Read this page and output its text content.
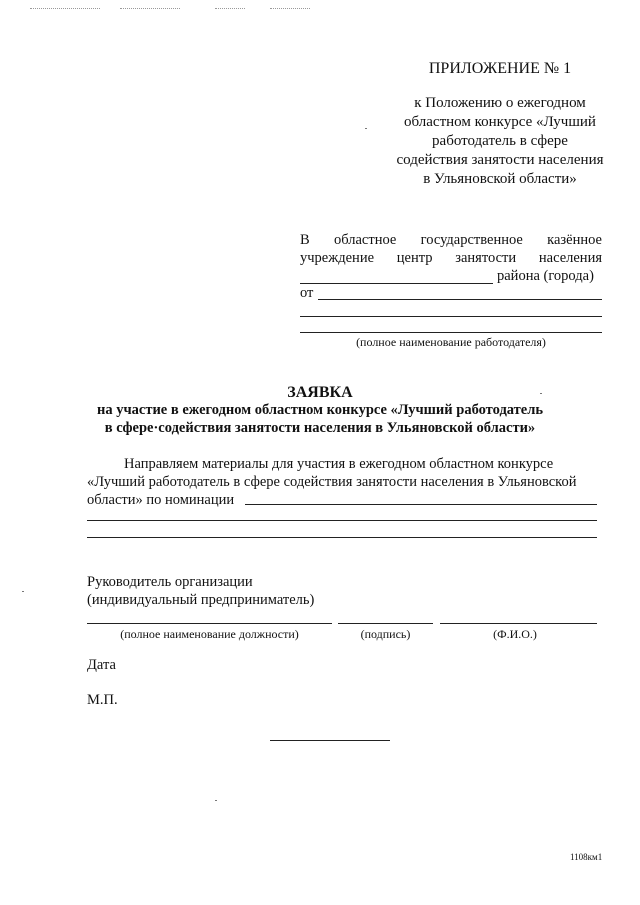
ПРИЛОЖЕНИЕ № 1
к Положению о ежегодном
областном конкурсе «Лучший
работодатель в сфере
содействия занятости населения
в Ульяновской области»
В областное государственное казённое
учреждение центр занятости населения
района (города)
от
(полное наименование работодателя)
ЗАЯВКА
на участие в ежегодном областном конкурсе «Лучший работодатель
в сфере·содействия занятости населения в Ульяновской области»
Направляем материалы для участия в ежегодном областном конкурсе
«Лучший работодатель в сфере содействия занятости населения в Ульяновской
области» по номинации
Руководитель организации
(индивидуальный предприниматель)
(полное наименование должности)	(подпись)	(Ф.И.О.)
Дата
М.П.
1108км1
